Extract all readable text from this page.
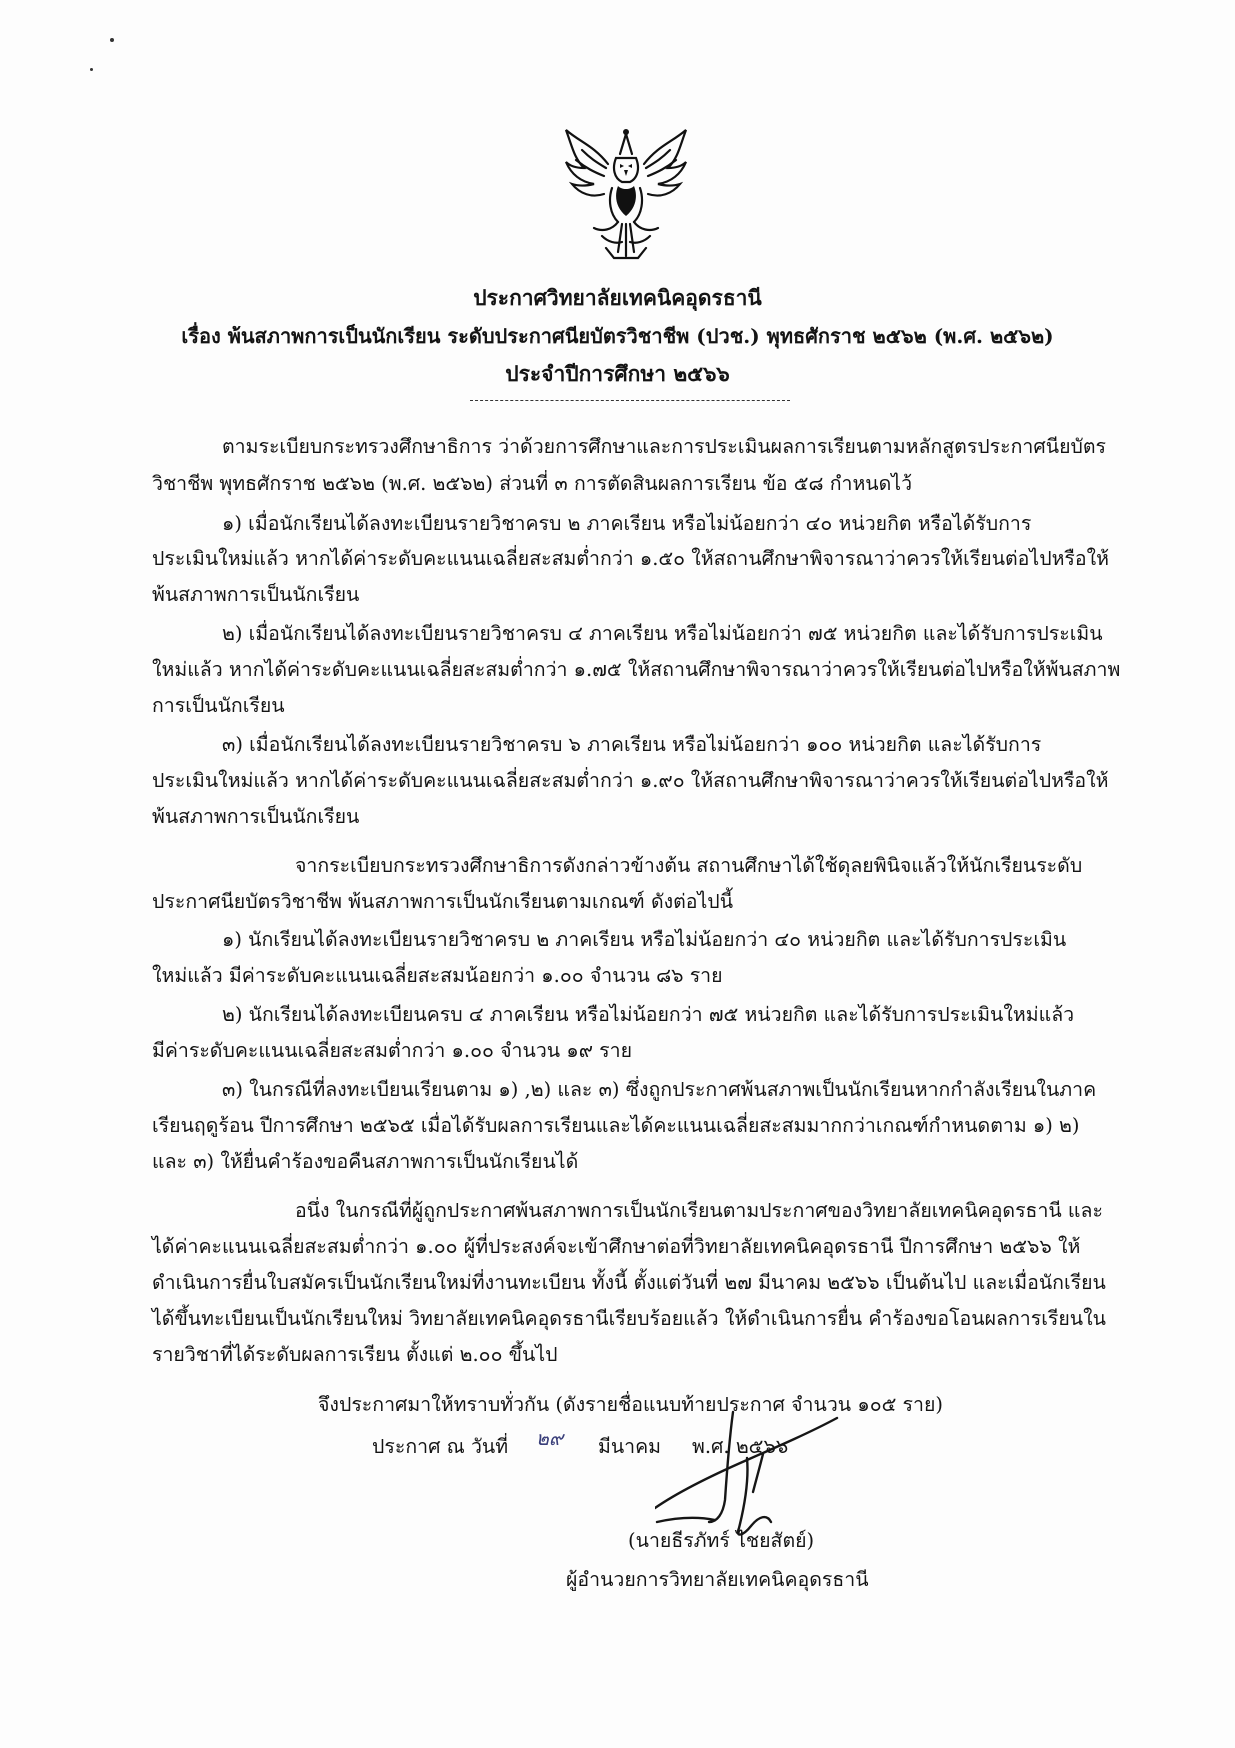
ประกาศวิทยาลัยเทคนิคอุดรธานี
เรื่อง พ้นสภาพการเป็นนักเรียน ระดับประกาศนียบัตรวิชาชีพ (ปวช.) พุทธศักราช ๒๕๖๒ (พ.ศ. ๒๕๖๒)
ประจำปีการศึกษา ๒๕๖๖
ตามระเบียบกระทรวงศึกษาธิการ ว่าด้วยการศึกษาและการประเมินผลการเรียนตามหลักสูตรประกาศนียบัตร
วิชาชีพ พุทธศักราช ๒๕๖๒ (พ.ศ. ๒๕๖๒) ส่วนที่ ๓ การตัดสินผลการเรียน ข้อ ๕๘ กำหนดไว้
๑) เมื่อนักเรียนได้ลงทะเบียนรายวิชาครบ ๒ ภาคเรียน หรือไม่น้อยกว่า ๔๐ หน่วยกิต หรือได้รับการ
ประเมินใหม่แล้ว หากได้ค่าระดับคะแนนเฉลี่ยสะสมต่ำกว่า ๑.๕๐ ให้สถานศึกษาพิจารณาว่าควรให้เรียนต่อไปหรือให้
พ้นสภาพการเป็นนักเรียน
๒) เมื่อนักเรียนได้ลงทะเบียนรายวิชาครบ ๔ ภาคเรียน หรือไม่น้อยกว่า ๗๕ หน่วยกิต และได้รับการประเมิน
ใหม่แล้ว หากได้ค่าระดับคะแนนเฉลี่ยสะสมต่ำกว่า ๑.๗๕ ให้สถานศึกษาพิจารณาว่าควรให้เรียนต่อไปหรือให้พ้นสภาพ
การเป็นนักเรียน
๓) เมื่อนักเรียนได้ลงทะเบียนรายวิชาครบ ๖ ภาคเรียน หรือไม่น้อยกว่า ๑๐๐ หน่วยกิต และได้รับการ
ประเมินใหม่แล้ว หากได้ค่าระดับคะแนนเฉลี่ยสะสมต่ำกว่า ๑.๙๐ ให้สถานศึกษาพิจารณาว่าควรให้เรียนต่อไปหรือให้
พ้นสภาพการเป็นนักเรียน
จากระเบียบกระทรวงศึกษาธิการดังกล่าวข้างต้น สถานศึกษาได้ใช้ดุลยพินิจแล้วให้นักเรียนระดับ
ประกาศนียบัตรวิชาชีพ พ้นสภาพการเป็นนักเรียนตามเกณฑ์ ดังต่อไปนี้
๑) นักเรียนได้ลงทะเบียนรายวิชาครบ ๒ ภาคเรียน หรือไม่น้อยกว่า ๔๐ หน่วยกิต และได้รับการประเมิน
ใหม่แล้ว มีค่าระดับคะแนนเฉลี่ยสะสมน้อยกว่า ๑.๐๐ จำนวน ๘๖ ราย
๒) นักเรียนได้ลงทะเบียนครบ ๔ ภาคเรียน หรือไม่น้อยกว่า ๗๕ หน่วยกิต และได้รับการประเมินใหม่แล้ว
มีค่าระดับคะแนนเฉลี่ยสะสมต่ำกว่า ๑.๐๐ จำนวน ๑๙ ราย
๓) ในกรณีที่ลงทะเบียนเรียนตาม ๑) ,๒) และ ๓) ซึ่งถูกประกาศพ้นสภาพเป็นนักเรียนหากกำลังเรียนในภาค
เรียนฤดูร้อน ปีการศึกษา ๒๕๖๕ เมื่อได้รับผลการเรียนและได้คะแนนเฉลี่ยสะสมมากกว่าเกณฑ์กำหนดตาม ๑) ๒)
และ ๓) ให้ยื่นคำร้องขอคืนสภาพการเป็นนักเรียนได้
อนึ่ง ในกรณีที่ผู้ถูกประกาศพ้นสภาพการเป็นนักเรียนตามประกาศของวิทยาลัยเทคนิคอุดรธานี และ
ได้ค่าคะแนนเฉลี่ยสะสมต่ำกว่า ๑.๐๐ ผู้ที่ประสงค์จะเข้าศึกษาต่อที่วิทยาลัยเทคนิคอุดรธานี ปีการศึกษา ๒๕๖๖ ให้
ดำเนินการยื่นใบสมัครเป็นนักเรียนใหม่ที่งานทะเบียน ทั้งนี้ ตั้งแต่วันที่ ๒๗ มีนาคม ๒๕๖๖ เป็นต้นไป และเมื่อนักเรียน
ได้ขึ้นทะเบียนเป็นนักเรียนใหม่ วิทยาลัยเทคนิคอุดรธานีเรียบร้อยแล้ว ให้ดำเนินการยื่น คำร้องขอโอนผลการเรียนใน
รายวิชาที่ได้ระดับผลการเรียน ตั้งแต่ ๒.๐๐ ขึ้นไป
จึงประกาศมาให้ทราบทั่วกัน (ดังรายชื่อแนบท้ายประกาศ จำนวน ๑๐๕ ราย)
ประกาศ ณ วันที่ ๒๙ มีนาคม พ.ศ. ๒๕๖๖
(นายธีรภัทร์ ไชยสัตย์)
ผู้อำนวยการวิทยาลัยเทคนิคอุดรธานี
